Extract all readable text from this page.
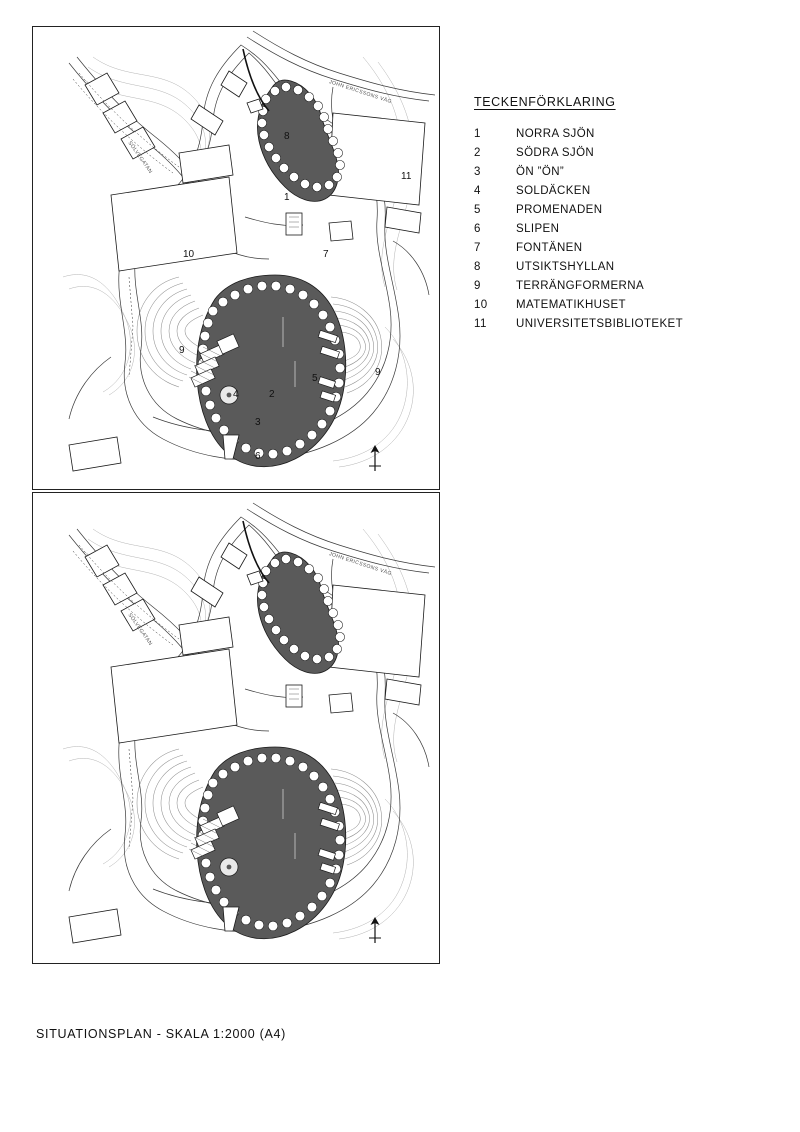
JOHN ERICSSONS VÄG
SÖLVEGATAN
1
2
3
4
5
6
7
8
9
9
10
11
JOHN ERICSSONS VÄG
SÖLVEGATAN
TECKENFÖRKLARING
1	NORRA SJÖN
2	SÖDRA SJÖN
3	ÖN ”ÖN”
4	SOLDÄCKEN
5	PROMENADEN
6	SLIPEN
7	FONTÄNEN
8	UTSIKTSHYLLAN
9	TERRÄNGFORMERNA
10	MATEMATIKHUSET
11	UNIVERSITETSBIBLIOTEKET
SITUATIONSPLAN - SKALA 1:2000 (A4)
